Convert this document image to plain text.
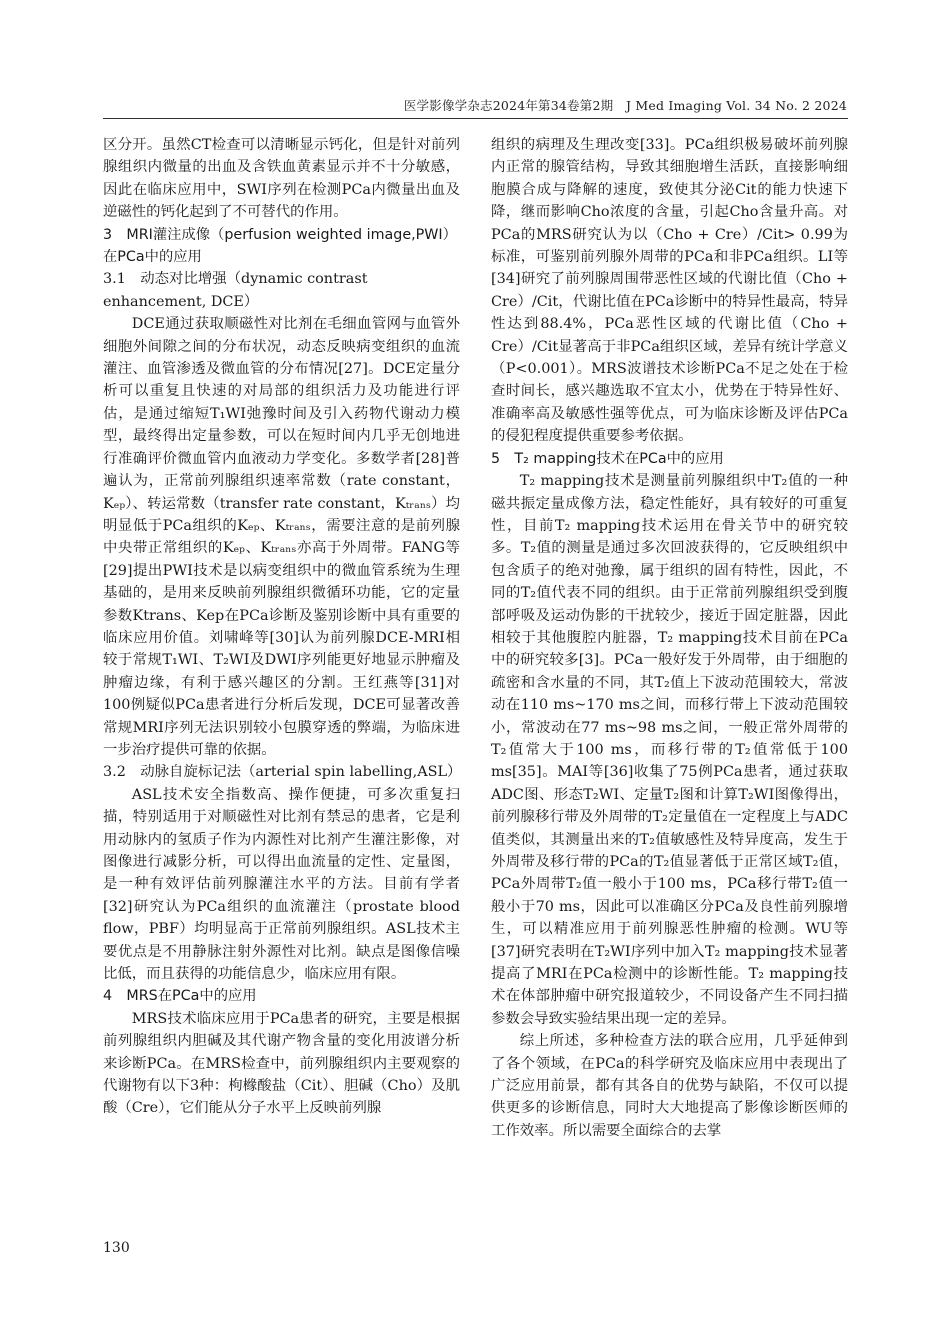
医学影像学杂志2024年第34卷第2期　J Med Imaging Vol. 34 No. 2 2024

区分开。虽然CT检查可以清晰显示钙化，但是针对前列腺组织内微量的出血及含铁血黄素显示并不十分敏感，因此在临床应用中，SWI序列在检测PCa内微量出血及逆磁性的钙化起到了不可替代的作用。

3　MRI灌注成像（perfusion weighted image,PWI）在PCa中的应用
3.1　动态对比增强（dynamic contrast enhancement, DCE）

DCE通过获取顺磁性对比剂在毛细血管网与血管外细胞外间隙之间的分布状况，动态反映病变组织的血流灌注、血管渗透及微血管的分布情况[27]。DCE定量分析可以重复且快速的对局部的组织活力及功能进行评估，是通过缩短T₁WI弛豫时间及引入药物代谢动力模型，最终得出定量参数，可以在短时间内几乎无创地进行准确评价微血管内血液动力学变化。多数学者[28]普遍认为，正常前列腺组织速率常数（rate constant，Kₑₚ）、转运常数（transfer rate constant，Kₜᵣₐₙₛ）均明显低于PCa组织的Kₑₚ、Kₜᵣₐₙₛ，需要注意的是前列腺中央带正常组织的Kₑₚ、Kₜᵣₐₙₛ亦高于外周带。FANG等[29]提出PWI技术是以病变组织中的微血管系统为生理基础的，是用来反映前列腺组织微循环功能，它的定量参数Ktrans、Kep在PCa诊断及鉴别诊断中具有重要的临床应用价值。刘啸峰等[30]认为前列腺DCE-MRI相较于常规T₁WI、T₂WI及DWI序列能更好地显示肿瘤及肿瘤边缘，有利于感兴趣区的分割。王红燕等[31]对100例疑似PCa患者进行分析后发现，DCE可显著改善常规MRI序列无法识别较小包膜穿透的弊端，为临床进一步治疗提供可靠的依据。

3.2　动脉自旋标记法（arterial spin labelling,ASL）

ASL技术安全指数高、操作便捷，可多次重复扫描，特别适用于对顺磁性对比剂有禁忌的患者，它是利用动脉内的氢质子作为内源性对比剂产生灌注影像，对图像进行减影分析，可以得出血流量的定性、定量图，是一种有效评估前列腺灌注水平的方法。目前有学者[32]研究认为PCa组织的血流灌注（prostate blood flow，PBF）均明显高于正常前列腺组织。ASL技术主要优点是不用静脉注射外源性对比剂。缺点是图像信噪比低，而且获得的功能信息少，临床应用有限。

4　MRS在PCa中的应用

MRS技术临床应用于PCa患者的研究，主要是根据前列腺组织内胆碱及其代谢产物含量的变化用波谱分析来诊断PCa。在MRS检查中，前列腺组织内主要观察的代谢物有以下3种：枸橼酸盐（Cit）、胆碱（Cho）及肌酸（Cre），它们能从分子水平上反映前列腺

组织的病理及生理改变[33]。PCa组织极易破坏前列腺内正常的腺管结构，导致其细胞增生活跃，直接影响细胞膜合成与降解的速度，致使其分泌Cit的能力快速下降，继而影响Cho浓度的含量，引起Cho含量升高。对PCa的MRS研究认为以（Cho + Cre）/Cit> 0.99为标准，可鉴别前列腺外周带的PCa和非PCa组织。LI等[34]研究了前列腺周围带恶性区域的代谢比值（Cho + Cre）/Cit，代谢比值在PCa诊断中的特异性最高，特异性达到88.4%，PCa恶性区域的代谢比值（Cho + Cre）/Cit显著高于非PCa组织区域，差异有统计学意义（P<0.001）。MRS波谱技术诊断PCa不足之处在于检查时间长，感兴趣选取不宜太小，优势在于特异性好、准确率高及敏感性强等优点，可为临床诊断及评估PCa的侵犯程度提供重要参考依据。

5　T₂ mapping技术在PCa中的应用

T₂ mapping技术是测量前列腺组织中T₂值的一种磁共振定量成像方法，稳定性能好，具有较好的可重复性，目前T₂ mapping技术运用在骨关节中的研究较多。T₂值的测量是通过多次回波获得的，它反映组织中包含质子的绝对弛豫，属于组织的固有特性，因此，不同的T₂值代表不同的组织。由于正常前列腺组织受到腹部呼吸及运动伪影的干扰较少，接近于固定脏器，因此相较于其他腹腔内脏器，T₂ mapping技术目前在PCa中的研究较多[3]。PCa一般好发于外周带，由于细胞的疏密和含水量的不同，其T₂值上下波动范围较大，常波动在110 ms~170 ms之间，而移行带上下波动范围较小，常波动在77 ms~98 ms之间，一般正常外周带的T₂值常大于100 ms，而移行带的T₂值常低于100 ms[35]。MAI等[36]收集了75例PCa患者，通过获取ADC图、形态T₂WI、定量T₂图和计算T₂WI图像得出，前列腺移行带及外周带的T₂定量值在一定程度上与ADC值类似，其测量出来的T₂值敏感性及特异度高，发生于外周带及移行带的PCa的T₂值显著低于正常区域T₂值，PCa外周带T₂值一般小于100 ms，PCa移行带T₂值一般小于70 ms，因此可以准确区分PCa及良性前列腺增生，可以精准应用于前列腺恶性肿瘤的检测。WU等[37]研究表明在T₂WI序列中加入T₂ mapping技术显著提高了MRI在PCa检测中的诊断性能。T₂ mapping技术在体部肿瘤中研究报道较少，不同设备产生不同扫描参数会导致实验结果出现一定的差异。

综上所述，多种检查方法的联合应用，几乎延伸到了各个领域，在PCa的科学研究及临床应用中表现出了广泛应用前景，都有其各自的优势与缺陷，不仅可以提供更多的诊断信息，同时大大地提高了影像诊断医师的工作效率。所以需要全面综合的去掌

130
